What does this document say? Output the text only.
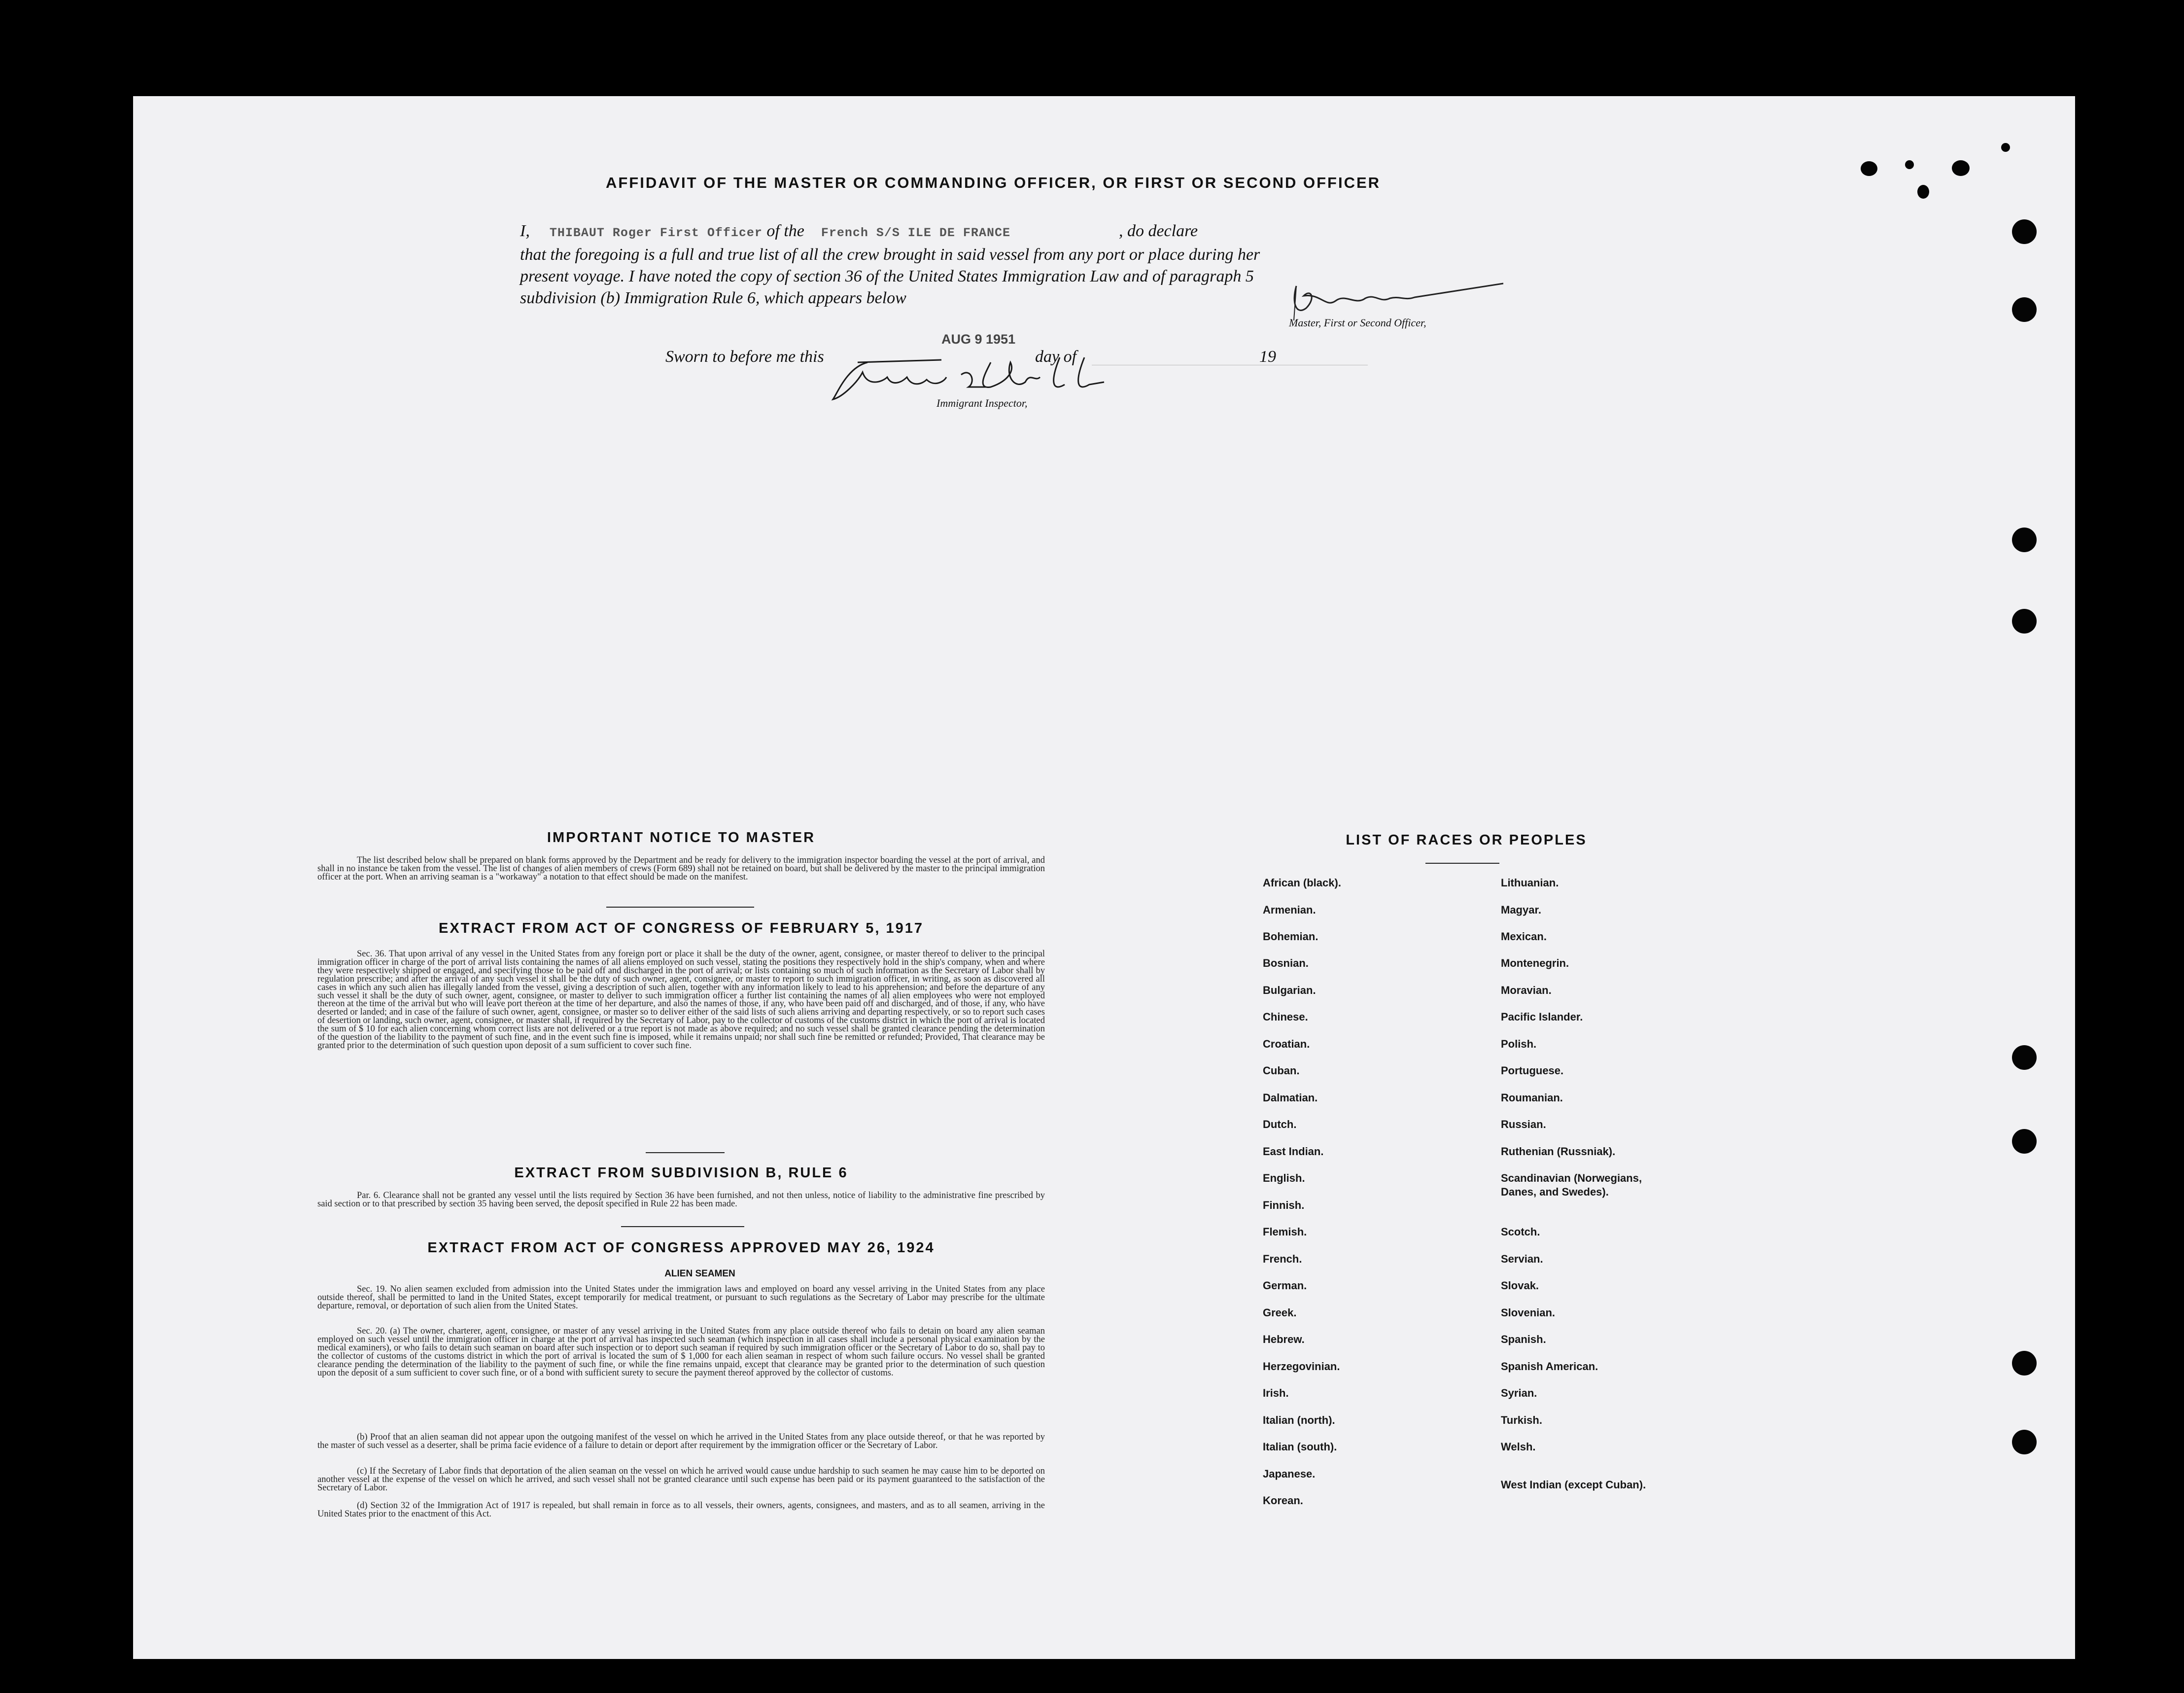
AFFIDAVIT OF THE MASTER OR COMMANDING OFFICER, OR FIRST OR SECOND OFFICER
I, THIBAUT Roger First Officer of the French S/S ILE DE FRANCE	, do declare
that the foregoing is a full and true list of all the crew brought in said vessel from any port or place during her
present voyage. I have noted the copy of section 36 of the United States Immigration Law and of paragraph 5
subdivision (b) Immigration Rule 6, which appears below
Master, First or Second Officer,
Sworn to before me this
AUG 9 1951
day of	19
Immigrant Inspector,
IMPORTANT NOTICE TO MASTER

The list described below shall be prepared on blank forms approved by the Department and be ready for delivery to the immigration inspector boarding the vessel at the port of arrival, and shall in no instance be taken from the vessel. The list of changes of alien members of crews (Form 689) shall not be retained on board, but shall be delivered by the master to the principal immigration officer at the port. When an arriving seaman is a "workaway" a notation to that effect should be made on the manifest.

EXTRACT FROM ACT OF CONGRESS OF FEBRUARY 5, 1917

Sec. 36. That upon arrival of any vessel in the United States from any foreign port or place it shall be the duty of the owner, agent, consignee, or master thereof to deliver to the principal immigration officer in charge of the port of arrival lists containing the names of all aliens employed on such vessel, stating the positions they respectively hold in the ship's company, when and where they were respectively shipped or engaged, and specifying those to be paid off and discharged in the port of arrival; or lists containing so much of such information as the Secretary of Labor shall by regulation prescribe; and after the arrival of any such vessel it shall be the duty of such owner, agent, consignee, or master to report to such immigration officer, in writing, as soon as discovered all cases in which any such alien has illegally landed from the vessel, giving a description of such alien, together with any information likely to lead to his apprehension; and before the departure of any such vessel it shall be the duty of such owner, agent, consignee, or master to deliver to such immigration officer a further list containing the names of all alien employees who were not employed thereon at the time of the arrival but who will leave port thereon at the time of her departure, and also the names of those, if any, who have been paid off and discharged, and of those, if any, who have deserted or landed; and in case of the failure of such owner, agent, consignee, or master so to deliver either of the said lists of such aliens arriving and departing respectively, or so to report such cases of desertion or landing, such owner, agent, consignee, or master shall, if required by the Secretary of Labor, pay to the collector of customs of the customs district in which the port of arrival is located the sum of $ 10 for each alien concerning whom correct lists are not delivered or a true report is not made as above required; and no such vessel shall be granted clearance pending the determination of the question of the liability to the payment of such fine, and in the event such fine is imposed, while it remains unpaid; nor shall such fine be remitted or refunded; Provided, That clearance may be granted prior to the determination of such question upon deposit of a sum sufficient to cover such fine.

EXTRACT FROM SUBDIVISION B, RULE 6

Par. 6. Clearance shall not be granted any vessel until the lists required by Section 36 have been furnished, and not then unless, notice of liability to the administrative fine prescribed by said section or to that prescribed by section 35 having been served, the deposit specified in Rule 22 has been made.

EXTRACT FROM ACT OF CONGRESS APPROVED MAY 26, 1924
ALIEN SEAMEN

Sec. 19. No alien seamen excluded from admission into the United States under the immigration laws and employed on board any vessel arriving in the United States from any place outside thereof, shall be permitted to land in the United States, except temporarily for medical treatment, or pursuant to such regulations as the Secretary of Labor may prescribe for the ultimate departure, removal, or deportation of such alien from the United States.

Sec. 20. (a) The owner, charterer, agent, consignee, or master of any vessel arriving in the United States from any place outside thereof who fails to detain on board any alien seaman employed on such vessel until the immigration officer in charge at the port of arrival has inspected such seaman (which inspection in all cases shall include a personal physical examination by the medical examiners), or who fails to detain such seaman on board after such inspection or to deport such seaman if required by such immigration officer or the Secretary of Labor to do so, shall pay to the collector of customs of the customs district in which the port of arrival is located the sum of $ 1,000 for each alien seaman in respect of whom such failure occurs. No vessel shall be granted clearance pending the determination of the liability to the payment of such fine, or while the fine remains unpaid, except that clearance may be granted prior to the determination of such question upon the deposit of a sum sufficient to cover such fine, or of a bond with sufficient surety to secure the payment thereof approved by the collector of customs.

(b) Proof that an alien seaman did not appear upon the outgoing manifest of the vessel on which he arrived in the United States from any place outside thereof, or that he was reported by the master of such vessel as a deserter, shall be prima facie evidence of a failure to detain or deport after requirement by the immigration officer or the Secretary of Labor.

(c) If the Secretary of Labor finds that deportation of the alien seaman on the vessel on which he arrived would cause undue hardship to such seamen he may cause him to be deported on another vessel at the expense of the vessel on which he arrived, and such vessel shall not be granted clearance until such expense has been paid or its payment guaranteed to the satisfaction of the Secretary of Labor.

(d) Section 32 of the Immigration Act of 1917 is repealed, but shall remain in force as to all vessels, their owners, agents, consignees, and masters, and as to all seamen, arriving in the United States prior to the enactment of this Act.

LIST OF RACES OR PEOPLES
African (black).
Armenian.
Bohemian.
Bosnian.
Bulgarian.
Chinese.
Croatian.
Cuban.
Dalmatian.
Dutch.
East Indian.
English.
Finnish.
Flemish.
French.
German.
Greek.
Hebrew.
Herzegovinian.
Irish.
Italian (north).
Italian (south).
Japanese.
Korean.
Lithuanian.
Magyar.
Mexican.
Montenegrin.
Moravian.
Pacific Islander.
Polish.
Portuguese.
Roumanian.
Russian.
Ruthenian (Russniak).
Scandinavian (Norwegians, Danes, and Swedes).
Scotch.
Servian.
Slovak.
Slovenian.
Spanish.
Spanish American.
Syrian.
Turkish.
Welsh.
West Indian (except Cuban).
